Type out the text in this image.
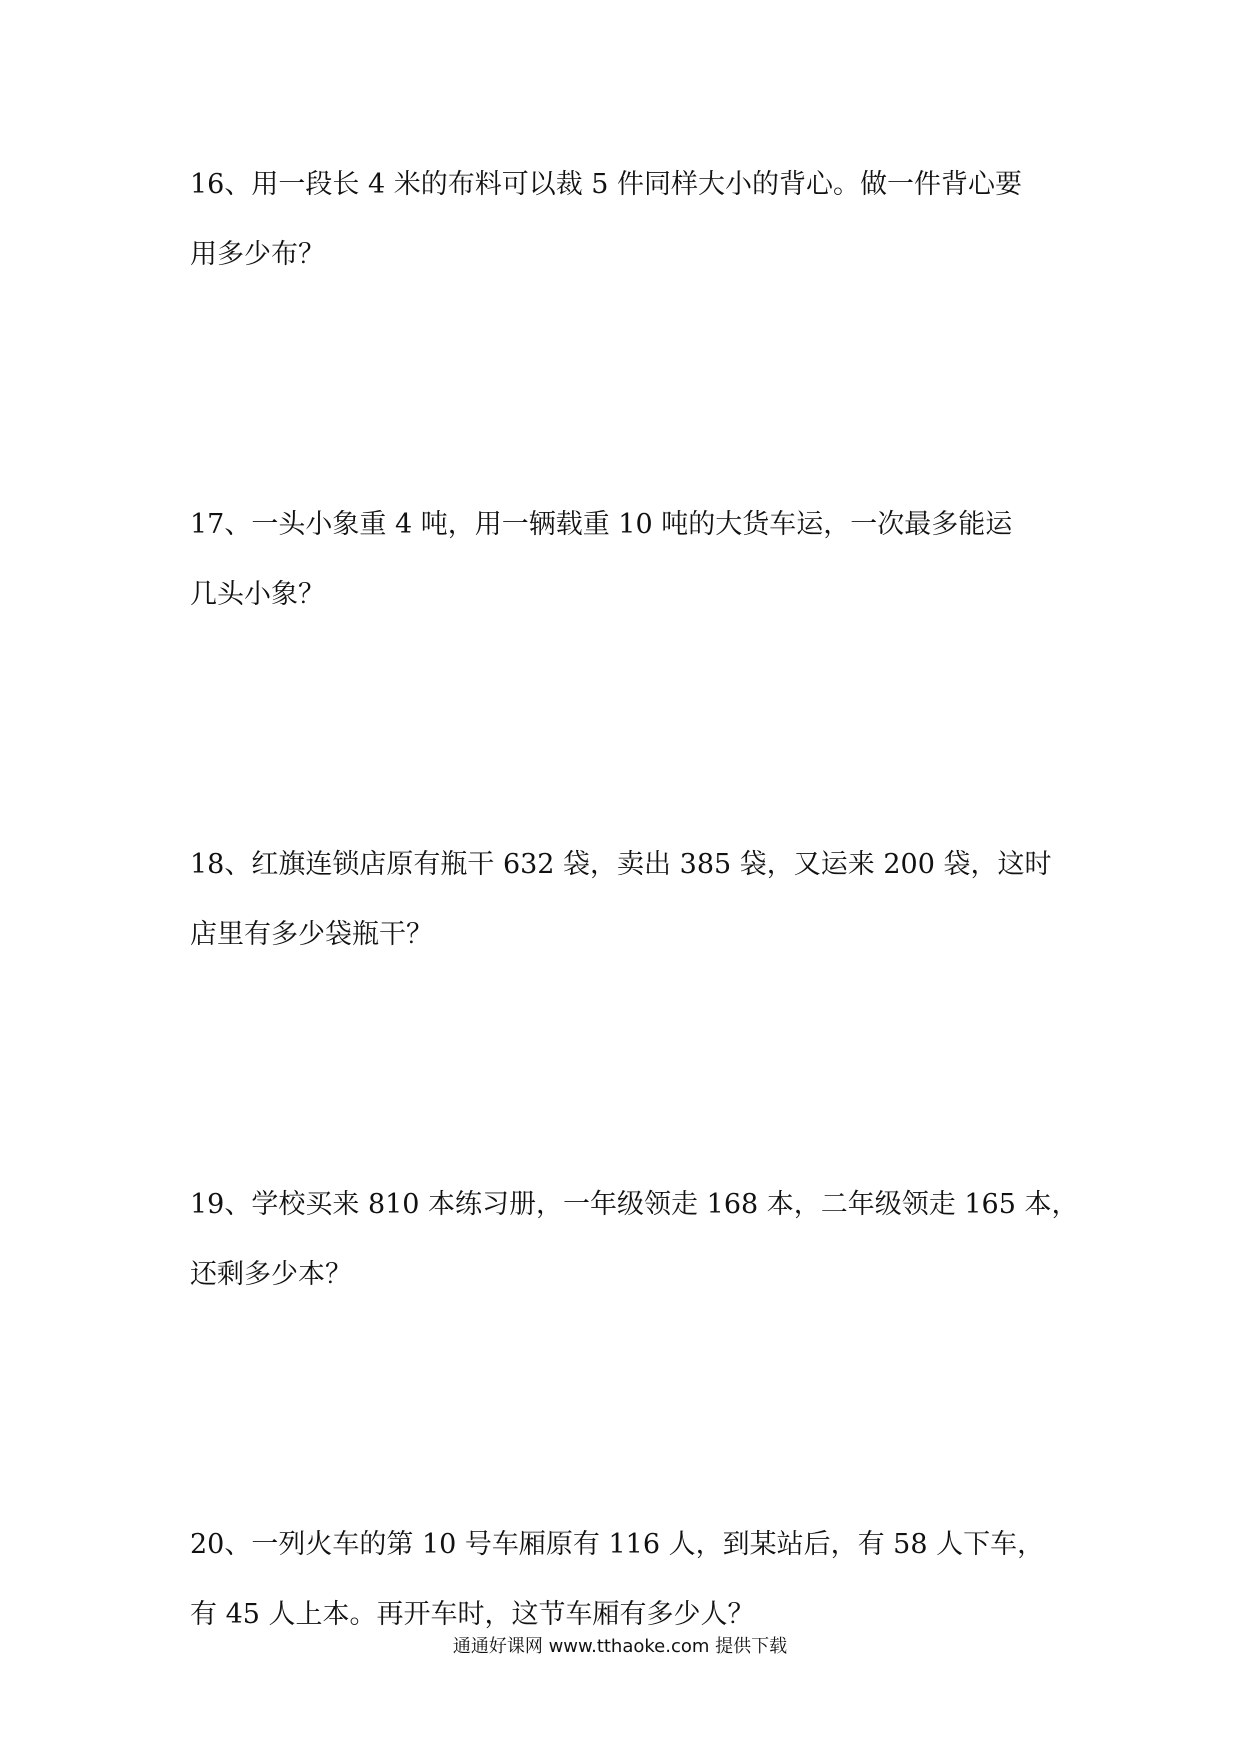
16、用一段长 4 米的布料可以裁 5 件同样大小的背心。做一件背心要
用多少布？
17、一头小象重 4 吨，用一辆载重 10 吨的大货车运，一次最多能运
几头小象？
18、红旗连锁店原有瓶干 632 袋，卖出 385 袋，又运来 200 袋，这时
店里有多少袋瓶干？
19、学校买来 810 本练习册，一年级领走 168 本，二年级领走 165 本，
还剩多少本？
20、一列火车的第 10 号车厢原有 116 人，到某站后，有 58 人下车，
有 45 人上本。再开车时，这节车厢有多少人？
通通好课网 www.tthaoke.com 提供下载
